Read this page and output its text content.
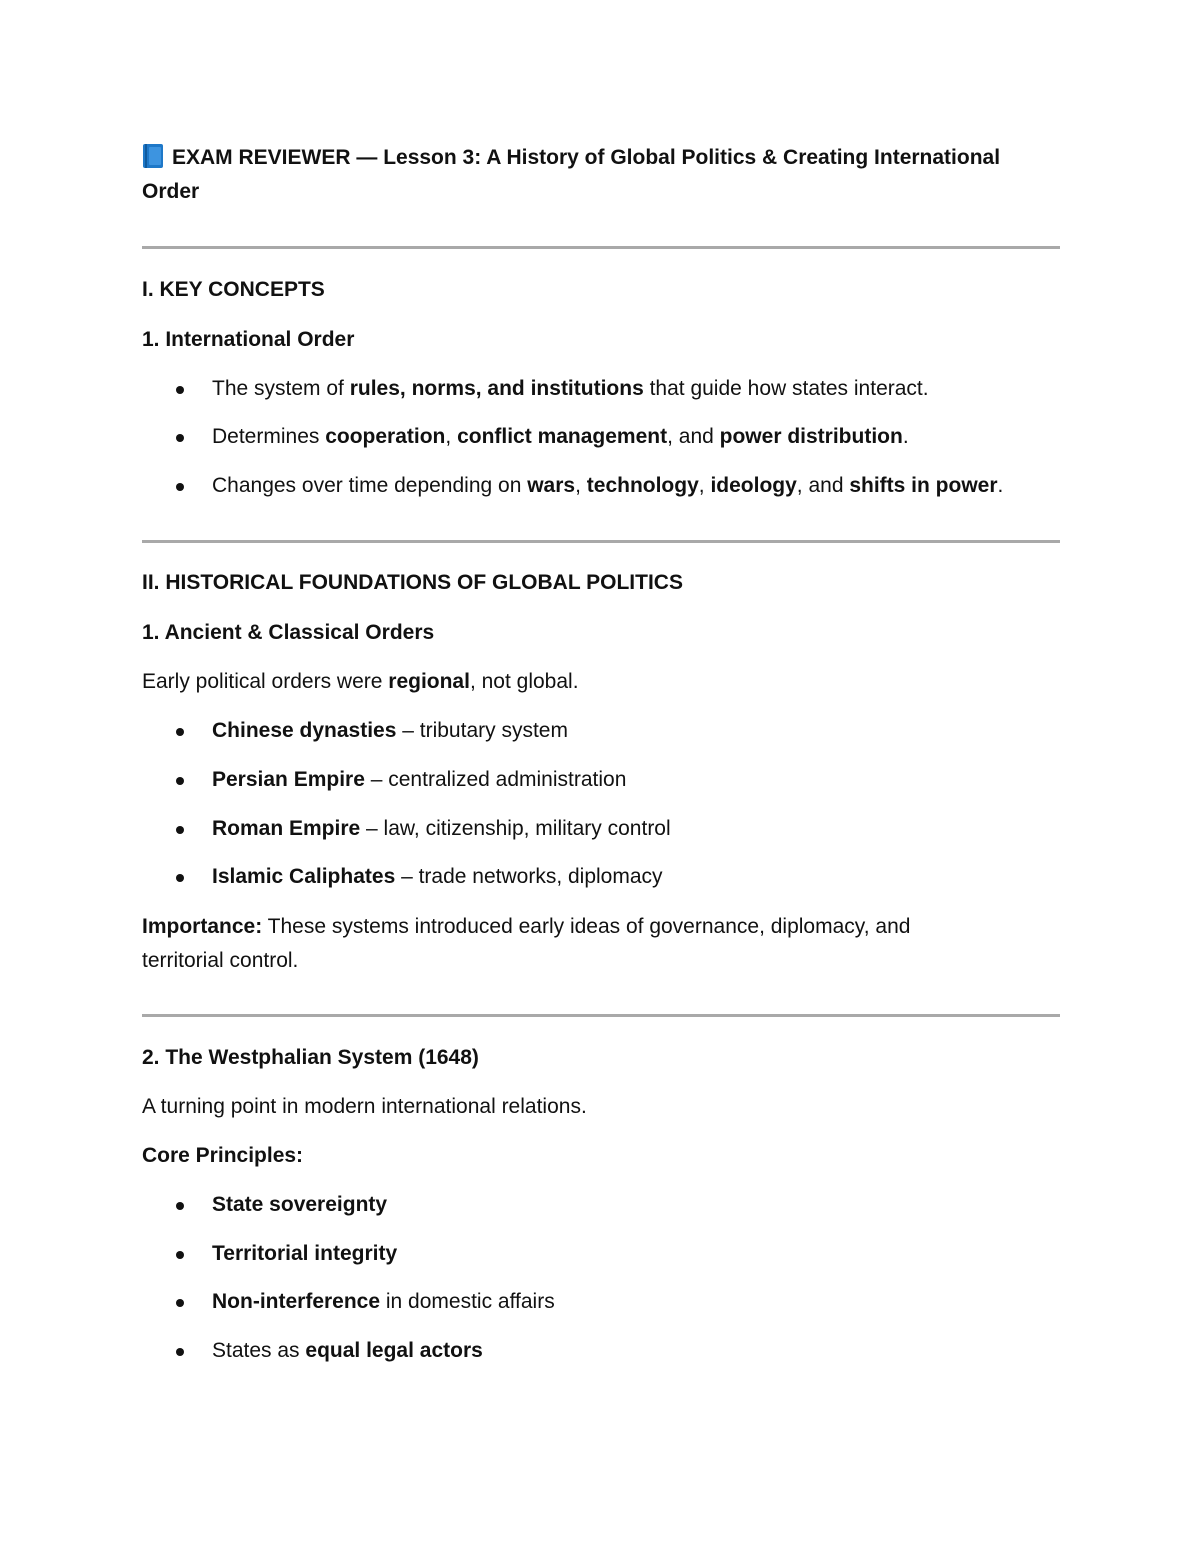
EXAM REVIEWER — Lesson 3: A History of Global Politics & Creating International Order
I. KEY CONCEPTS
1. International Order
The system of rules, norms, and institutions that guide how states interact.
Determines cooperation, conflict management, and power distribution.
Changes over time depending on wars, technology, ideology, and shifts in power.
II. HISTORICAL FOUNDATIONS OF GLOBAL POLITICS
1. Ancient & Classical Orders
Early political orders were regional, not global.
Chinese dynasties – tributary system
Persian Empire – centralized administration
Roman Empire – law, citizenship, military control
Islamic Caliphates – trade networks, diplomacy
Importance: These systems introduced early ideas of governance, diplomacy, and
territorial control.
2. The Westphalian System (1648)
A turning point in modern international relations.
Core Principles:
State sovereignty
Territorial integrity
Non-interference in domestic affairs
States as equal legal actors
